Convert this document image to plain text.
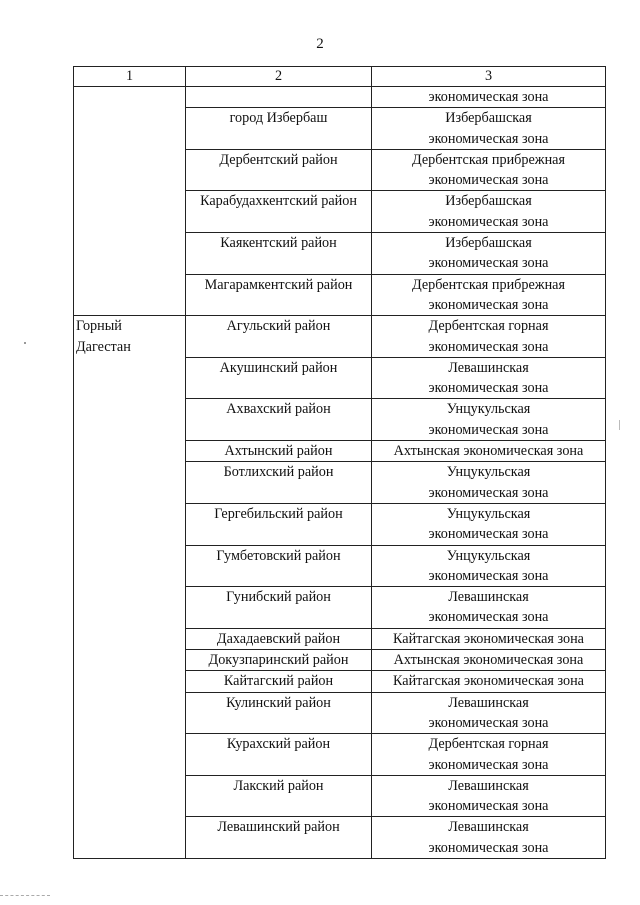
2
1	2	3

		экономическая зона

	город Избербаш	Избербашская
экономическая зона

	Дербентский район	Дербентская прибрежная
экономическая зона

	Карабудахкентский район	Избербашская
экономическая зона

	Каякентский район	Избербашская
экономическая зона

	Магарамкентский район	Дербентская прибрежная
экономическая зона

Горный
Дагестан	Агульский район	Дербентская горная
экономическая зона

	Акушинский район	Левашинская
экономическая зона

	Ахвахский район	Унцукульская
экономическая зона

	Ахтынский район	Ахтынская экономическая зона

	Ботлихский район	Унцукульская
экономическая зона

	Гергебильский район	Унцукульская
экономическая зона

	Гумбетовский район	Унцукульская
экономическая зона

	Гунибский район	Левашинская
экономическая зона

	Дахадаевский район	Кайтагская экономическая зона

	Докузпаринский район	Ахтынская экономическая зона

	Кайтагский район	Кайтагская экономическая зона

	Кулинский район	Левашинская
экономическая зона

	Курахский район	Дербентская горная
экономическая зона

	Лакский район	Левашинская
экономическая зона

	Левашинский район	Левашинская
экономическая зона
